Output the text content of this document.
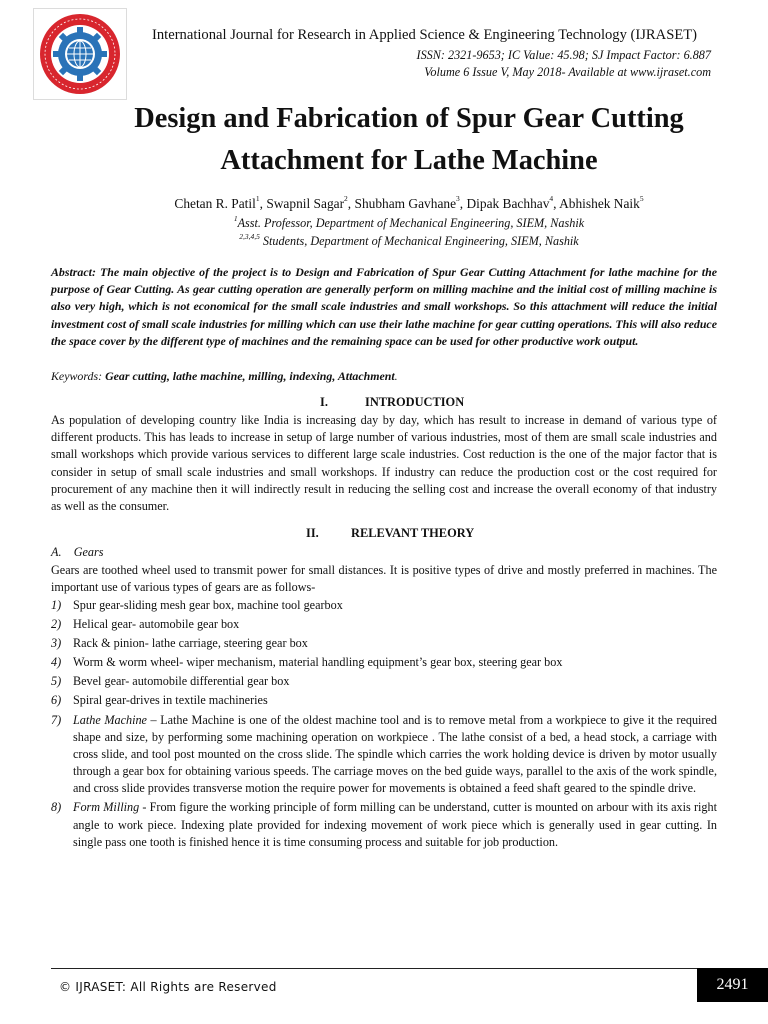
International Journal for Research in Applied Science & Engineering Technology (IJRASET)
ISSN: 2321-9653; IC Value: 45.98; SJ Impact Factor: 6.887
Volume 6 Issue V, May 2018- Available at www.ijraset.com
Design and Fabrication of Spur Gear Cutting Attachment for Lathe Machine
Chetan R. Patil$^1$, Swapnil Sagar$^2$, Shubham Gavhane$^3$, Dipak Bachhav$^4$, Abhishek Naik$^5$
$^1$Asst. Professor, Department of Mechanical Engineering, SIEM, Nashik
$^{2,3,4,5}$ Students, Department of Mechanical Engineering, SIEM, Nashik
Abstract: The main objective of the project is to Design and Fabrication of Spur Gear Cutting Attachment for lathe machine for the purpose of Gear Cutting. As gear cutting operation are generally perform on milling machine and the initial cost of milling machine is also very high, which is not economical for the small scale industries and small workshops. So this attachment will reduce the initial investment cost of small scale industries for milling which can use their lathe machine for gear cutting operations. This will also reduce the space cover by the different type of machines and the remaining space can be used for other productive work output.
Keywords: Gear cutting, lathe machine, milling, indexing, Attachment.
I.	INTRODUCTION
As population of developing country like India is increasing day by day, which has result to increase in demand of various type of different products. This has leads to increase in setup of large number of various industries, most of them are small scale industries and small workshops which provide various services to different large scale industries. Cost reduction is the one of the major factor that is consider in setup of small scale industries and small workshops. If industry can reduce the production cost or the cost required for procurement of any machine then it will indirectly result in reducing the selling cost and increase the overall economy of that industry as well as the consumer.
II.	RELEVANT THEORY
A. Gears
Gears are toothed wheel used to transmit power for small distances. It is positive types of drive and mostly preferred in machines. The important use of various types of gears are as follows-
1) Spur gear-sliding mesh gear box, machine tool gearbox
2) Helical gear- automobile gear box
3) Rack & pinion- lathe carriage, steering gear box
4) Worm & worm wheel- wiper mechanism, material handling equipment’s gear box, steering gear box
5) Bevel gear- automobile differential gear box
6) Spiral gear-drives in textile machineries
7) Lathe Machine – Lathe Machine is one of the oldest machine tool and is to remove metal from a workpiece to give it the required shape and size, by performing some machining operation on workpiece . The lathe consist of a bed, a head stock, a carriage with cross slide, and tool post mounted on the cross slide. The spindle which carries the work holding device is driven by motor usually through a gear box for obtaining various speeds. The carriage moves on the bed guide ways, parallel to the axis of the work spindle, and cross slide provides transverse motion the require power for movements is obtained a feed shaft geared to the spindle drive.
8) Form Milling - From figure the working principle of form milling can be understand, cutter is mounted on arbour with its axis right angle to work piece. Indexing plate provided for indexing movement of work piece which is generally used in gear cutting. In single pass one tooth is finished hence it is time consuming process and suitable for job production.
© IJRASET: All Rights are Reserved	2491
